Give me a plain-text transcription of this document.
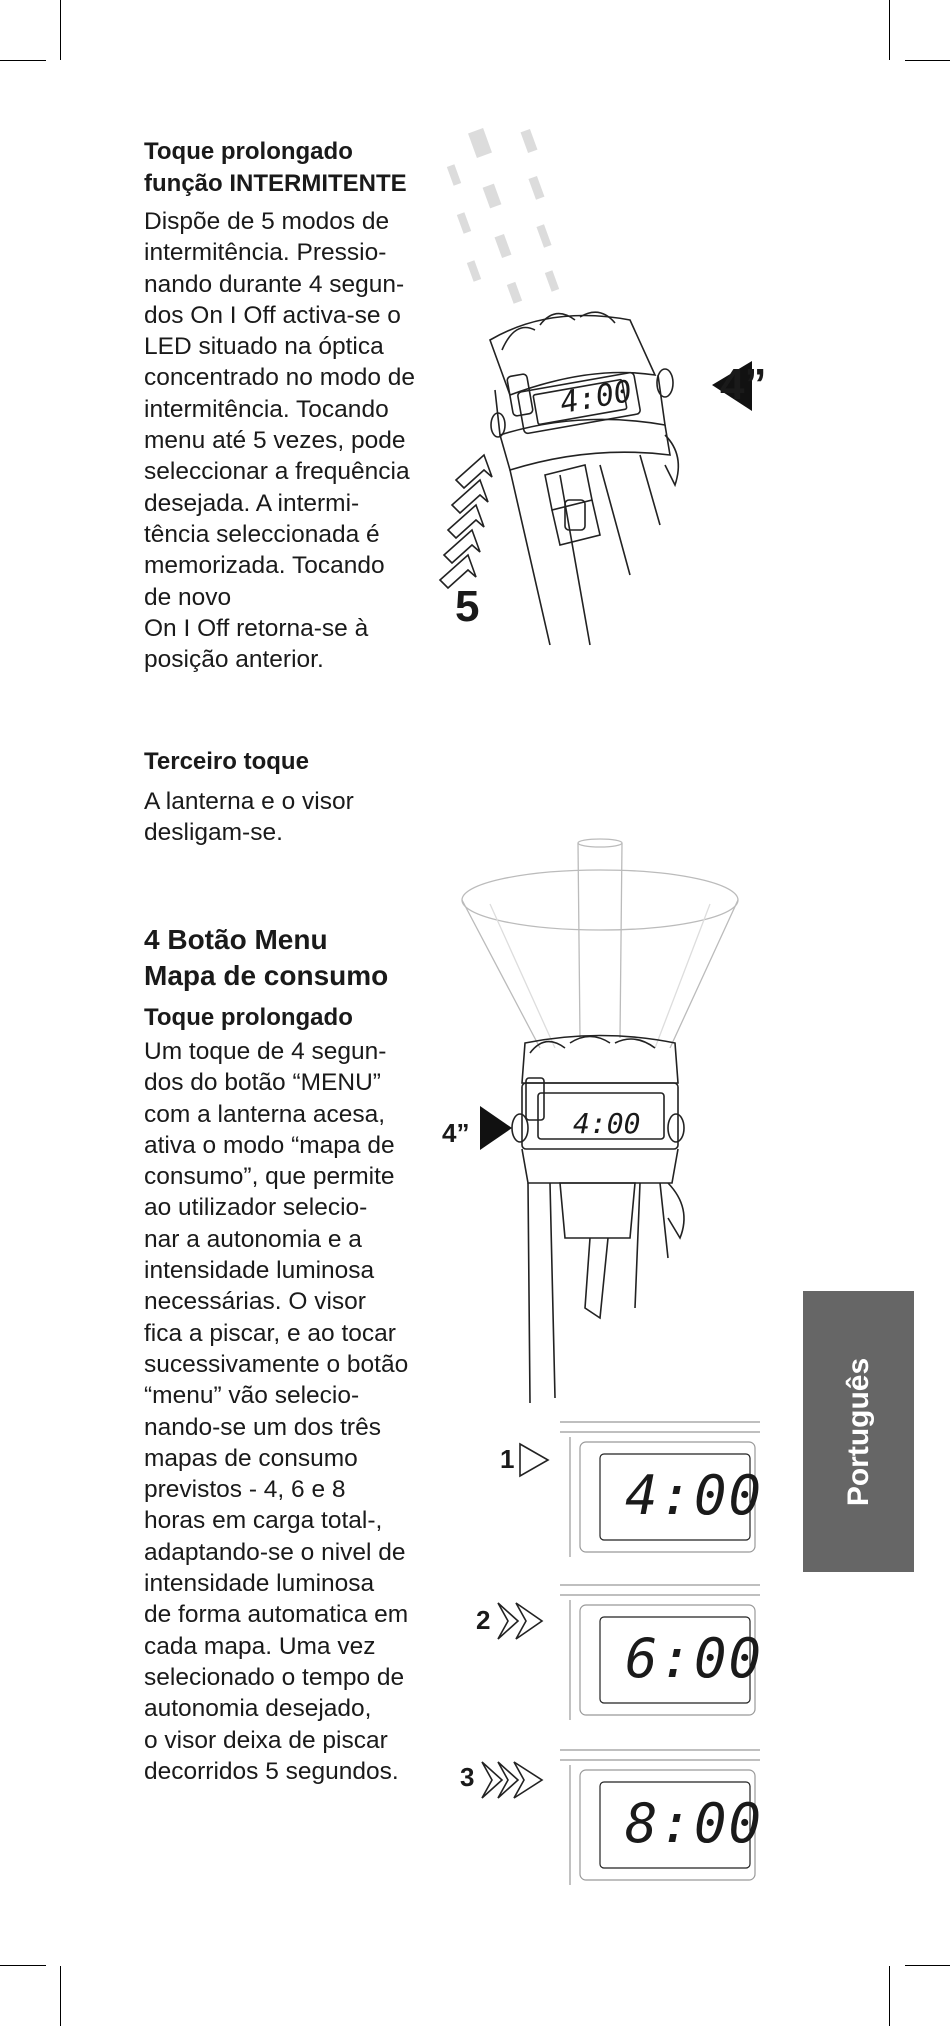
Toque prolongado
função INTERMITENTE

Dispõe de 5 modos de
intermitência. Pressio-
nando durante 4 segun-
dos On I Off activa-se o
LED situado na óptica
concentrado no modo de
intermitência. Tocando
menu até 5 vezes, pode
seleccionar a frequência
desejada. A intermi-
tência seleccionada é
memorizada. Tocando
de novo
On I Off retorna-se à
posição anterior.

4:00 4”
5
Terceiro toque

A lanterna e o visor
desligam-se.

4 Botão Menu
Mapa de consumo
Toque prolongado

Um toque de 4 segun-
dos do botão “MENU”
com a lanterna acesa,
ativa o modo “mapa de
consumo”, que permite
ao utilizador selecio-
nar a autonomia e a
intensidade luminosa
necessárias. O visor
fica a piscar, e ao tocar
sucessivamente o botão
“menu” vão selecio-
nando-se um dos três
mapas de consumo
previstos - 4, 6 e 8
horas em carga total-,
adaptando-se o nivel de
intensidade luminosa
de forma automatica em
cada mapa. Uma vez
selecionado o tempo de
autonomia desejado,
o visor deixa de piscar
decorridos 5 segundos.

4:00
4”
1
4:00
2
6:00
3
8:00
Português
